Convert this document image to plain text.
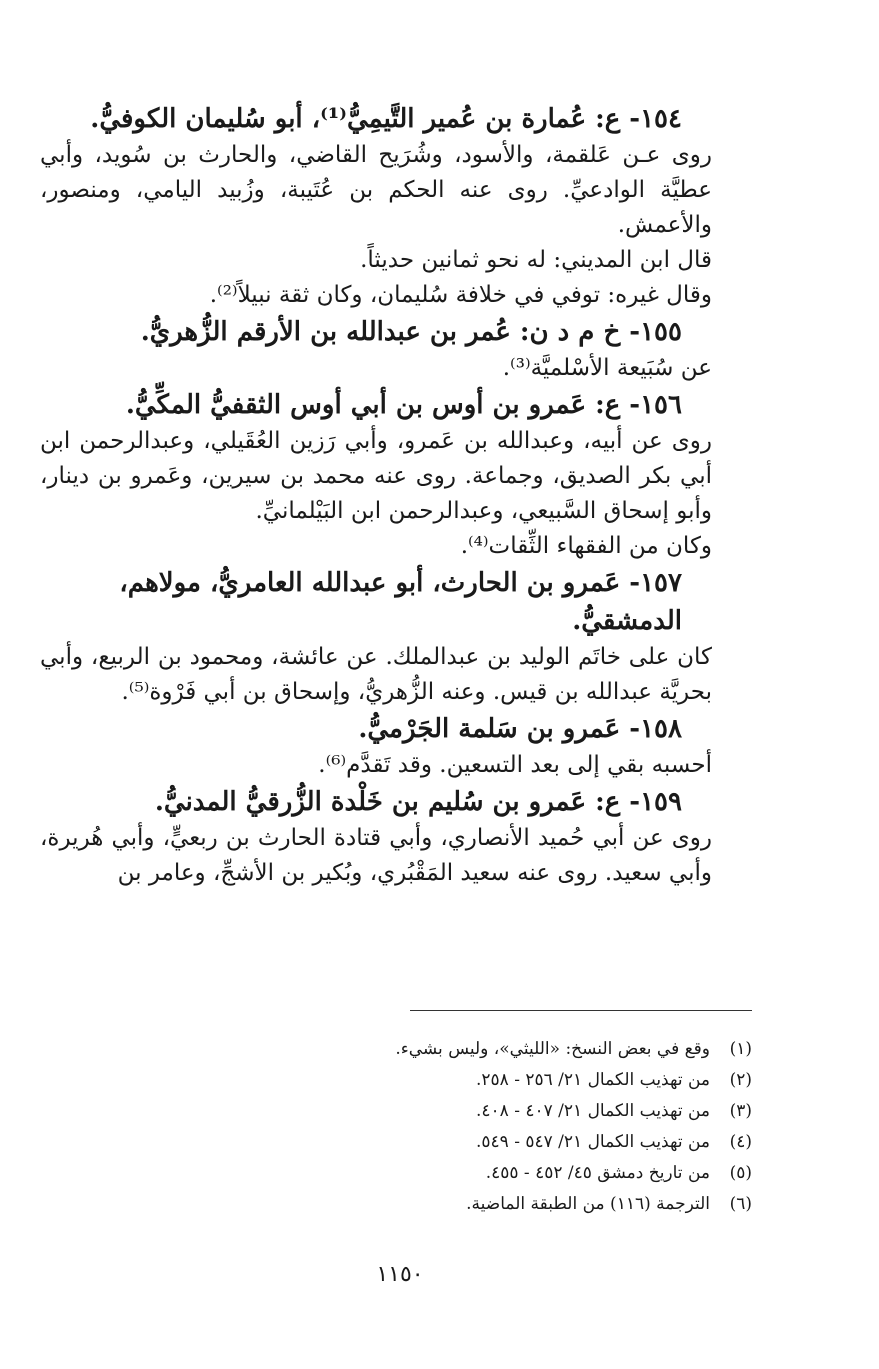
١٥٤- ع: عُمارة بن عُمير التَّيمِيُّ⁽¹⁾، أبو سُليمان الكوفيُّ.

روى عـن عَلقمة، والأسود، وشُرَيح القاضي، والحارث بن سُويد، وأبي عطيَّة الوادعيِّ. روى عنه الحكم بن عُتَيبة، وزُبيد اليامي، ومنصور، والأعمش.

قال ابن المديني: له نحو ثمانين حديثاً.

وقال غيره: توفي في خلافة سُليمان، وكان ثقة نبيلاً⁽²⁾.

١٥٥- خ م د ن: عُمر بن عبدالله بن الأرقم الزُّهريُّ.

عن سُبَيعة الأسْلميَّة⁽³⁾.

١٥٦- ع: عَمرو بن أوس بن أبي أوس الثقفيُّ المكِّيُّ.

روى عن أبيه، وعبدالله بن عَمرو، وأبي رَزين العُقَيلي، وعبدالرحمن ابن أبي بكر الصديق، وجماعة. روى عنه محمد بن سيرين، وعَمرو بن دينار، وأبو إسحاق السَّبيعي، وعبدالرحمن ابن البَيْلمانيِّ.

وكان من الفقهاء الثِّقات⁽⁴⁾.

١٥٧- عَمرو بن الحارث، أبو عبدالله العامريُّ، مولاهم، الدمشقيُّ.

كان على خاتَم الوليد بن عبدالملك. عن عائشة، ومحمود بن الربيع، وأبي بحريَّة عبدالله بن قيس. وعنه الزُّهريُّ، وإسحاق بن أبي فَرْوة⁽⁵⁾.

١٥٨- عَمرو بن سَلمة الجَرْميُّ.

أحسبه بقي إلى بعد التسعين. وقد تَقدَّم⁽⁶⁾.

١٥٩- ع: عَمرو بن سُليم بن خَلْدة الزُّرقيُّ المدنيُّ.

روى عن أبي حُميد الأنصاري، وأبي قتادة الحارث بن ربعيٍّ، وأبي هُريرة، وأبي سعيد. روى عنه سعيد المَقْبُري، وبُكير بن الأشجِّ، وعامر بن

(١)
وقع في بعض النسخ: «الليثي»، وليس بشيء.
(٢)
من تهذيب الكمال ٢١/ ٢٥٦ - ٢٥٨.
(٣)
من تهذيب الكمال ٢١/ ٤٠٧ - ٤٠٨.
(٤)
من تهذيب الكمال ٢١/ ٥٤٧ - ٥٤٩.
(٥)
من تاريخ دمشق ٤٥/ ٤٥٢ - ٤٥٥.
(٦)
الترجمة (١١٦) من الطبقة الماضية.
١١٥٠
